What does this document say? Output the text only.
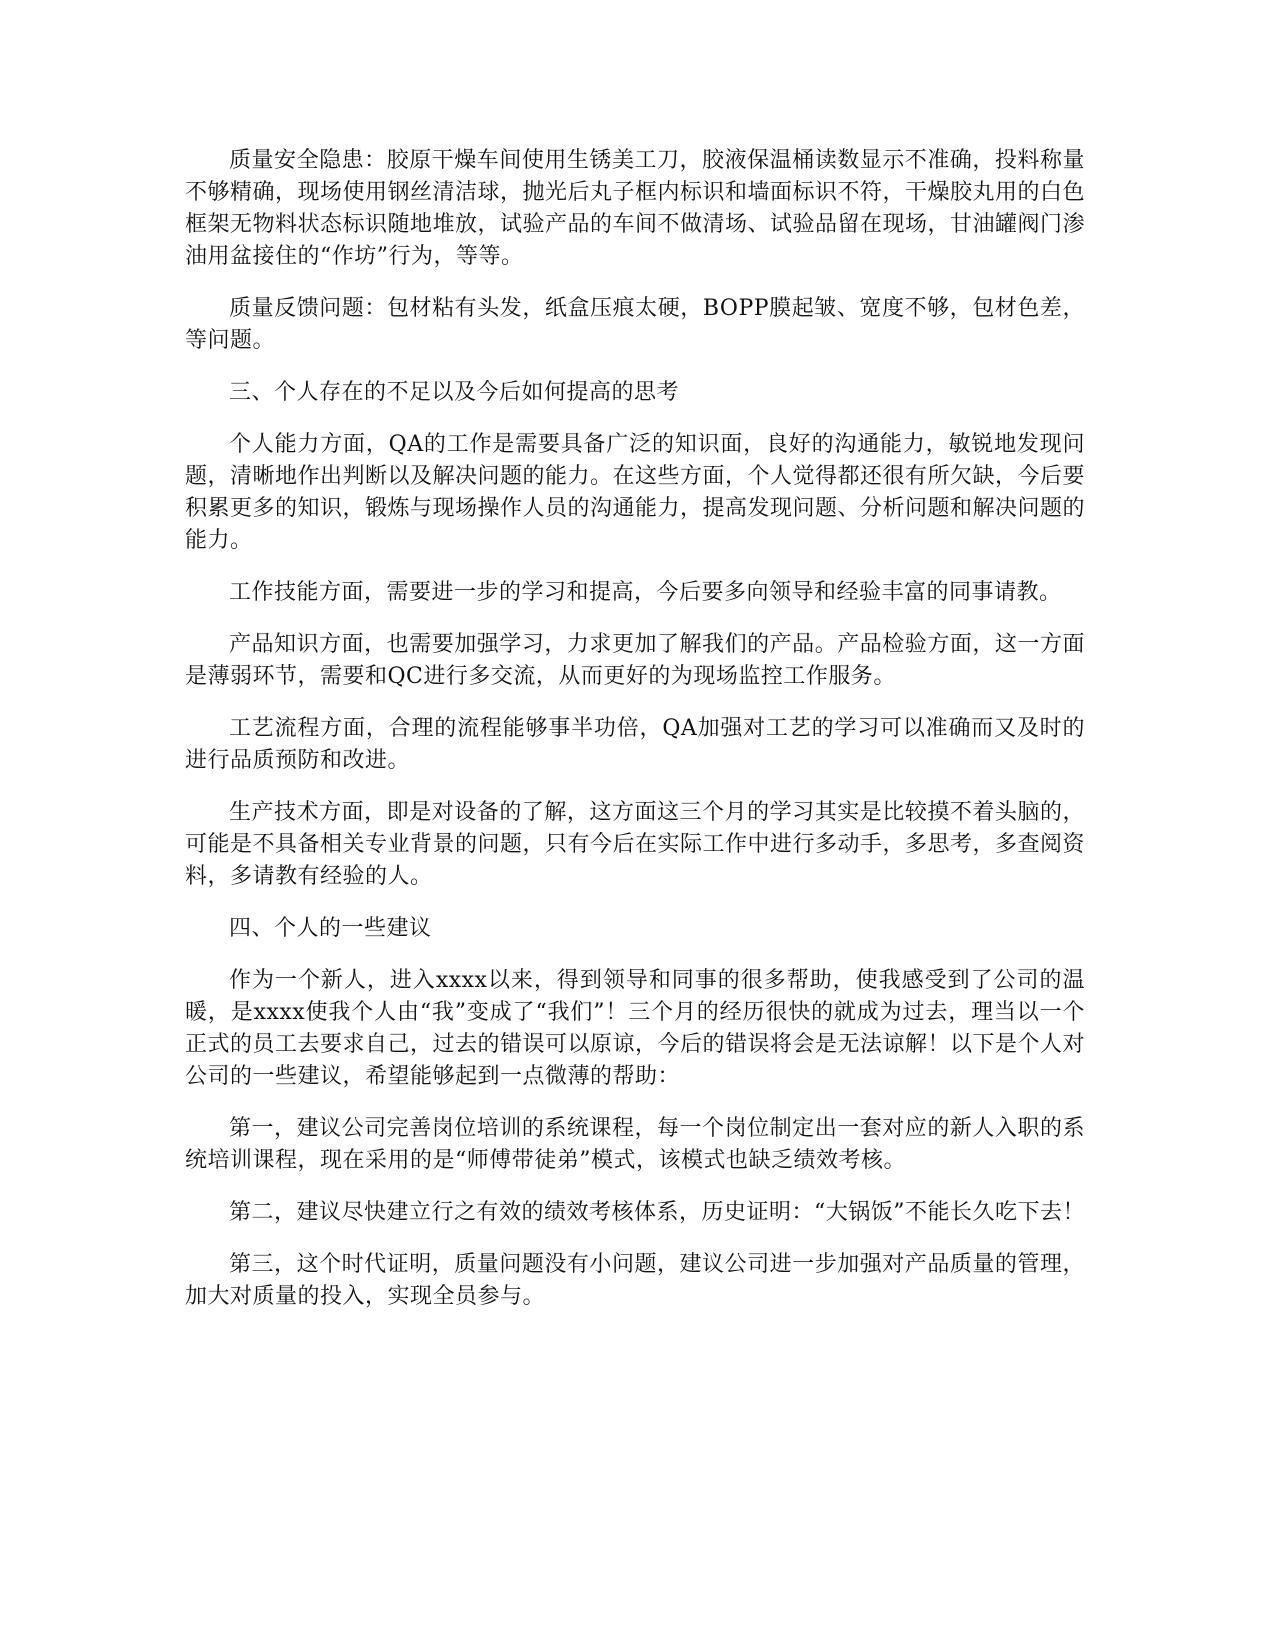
质量安全隐患：胶原干燥车间使用生锈美工刀，胶液保温桶读数显示不准确，投料称量不够精确，现场使用钢丝清洁球，抛光后丸子框内标识和墙面标识不符，干燥胶丸用的白色框架无物料状态标识随地堆放，试验产品的车间不做清场、试验品留在现场，甘油罐阀门渗油用盆接住的“作坊”行为，等等。

质量反馈问题：包材粘有头发，纸盒压痕太硬，BOPP膜起皱、宽度不够，包材色差，等问题。

三、个人存在的不足以及今后如何提高的思考

个人能力方面，QA的工作是需要具备广泛的知识面，良好的沟通能力，敏锐地发现问题，清晰地作出判断以及解决问题的能力。在这些方面，个人觉得都还很有所欠缺，今后要积累更多的知识，锻炼与现场操作人员的沟通能力，提高发现问题、分析问题和解决问题的能力。

工作技能方面，需要进一步的学习和提高，今后要多向领导和经验丰富的同事请教。

产品知识方面，也需要加强学习，力求更加了解我们的产品。产品检验方面，这一方面是薄弱环节，需要和QC进行多交流，从而更好的为现场监控工作服务。

工艺流程方面，合理的流程能够事半功倍，QA加强对工艺的学习可以准确而又及时的进行品质预防和改进。

生产技术方面，即是对设备的了解，这方面这三个月的学习其实是比较摸不着头脑的，可能是不具备相关专业背景的问题，只有今后在实际工作中进行多动手，多思考，多查阅资料，多请教有经验的人。

四、个人的一些建议

作为一个新人，进入xxxx以来，得到领导和同事的很多帮助，使我感受到了公司的温暖，是xxxx使我个人由“我”变成了“我们”！三个月的经历很快的就成为过去，理当以一个正式的员工去要求自己，过去的错误可以原谅，今后的错误将会是无法谅解！以下是个人对公司的一些建议，希望能够起到一点微薄的帮助：

第一，建议公司完善岗位培训的系统课程，每一个岗位制定出一套对应的新人入职的系统培训课程，现在采用的是“师傅带徒弟”模式，该模式也缺乏绩效考核。

第二，建议尽快建立行之有效的绩效考核体系，历史证明：“大锅饭”不能长久吃下去！

第三，这个时代证明，质量问题没有小问题，建议公司进一步加强对产品质量的管理，加大对质量的投入，实现全员参与。
